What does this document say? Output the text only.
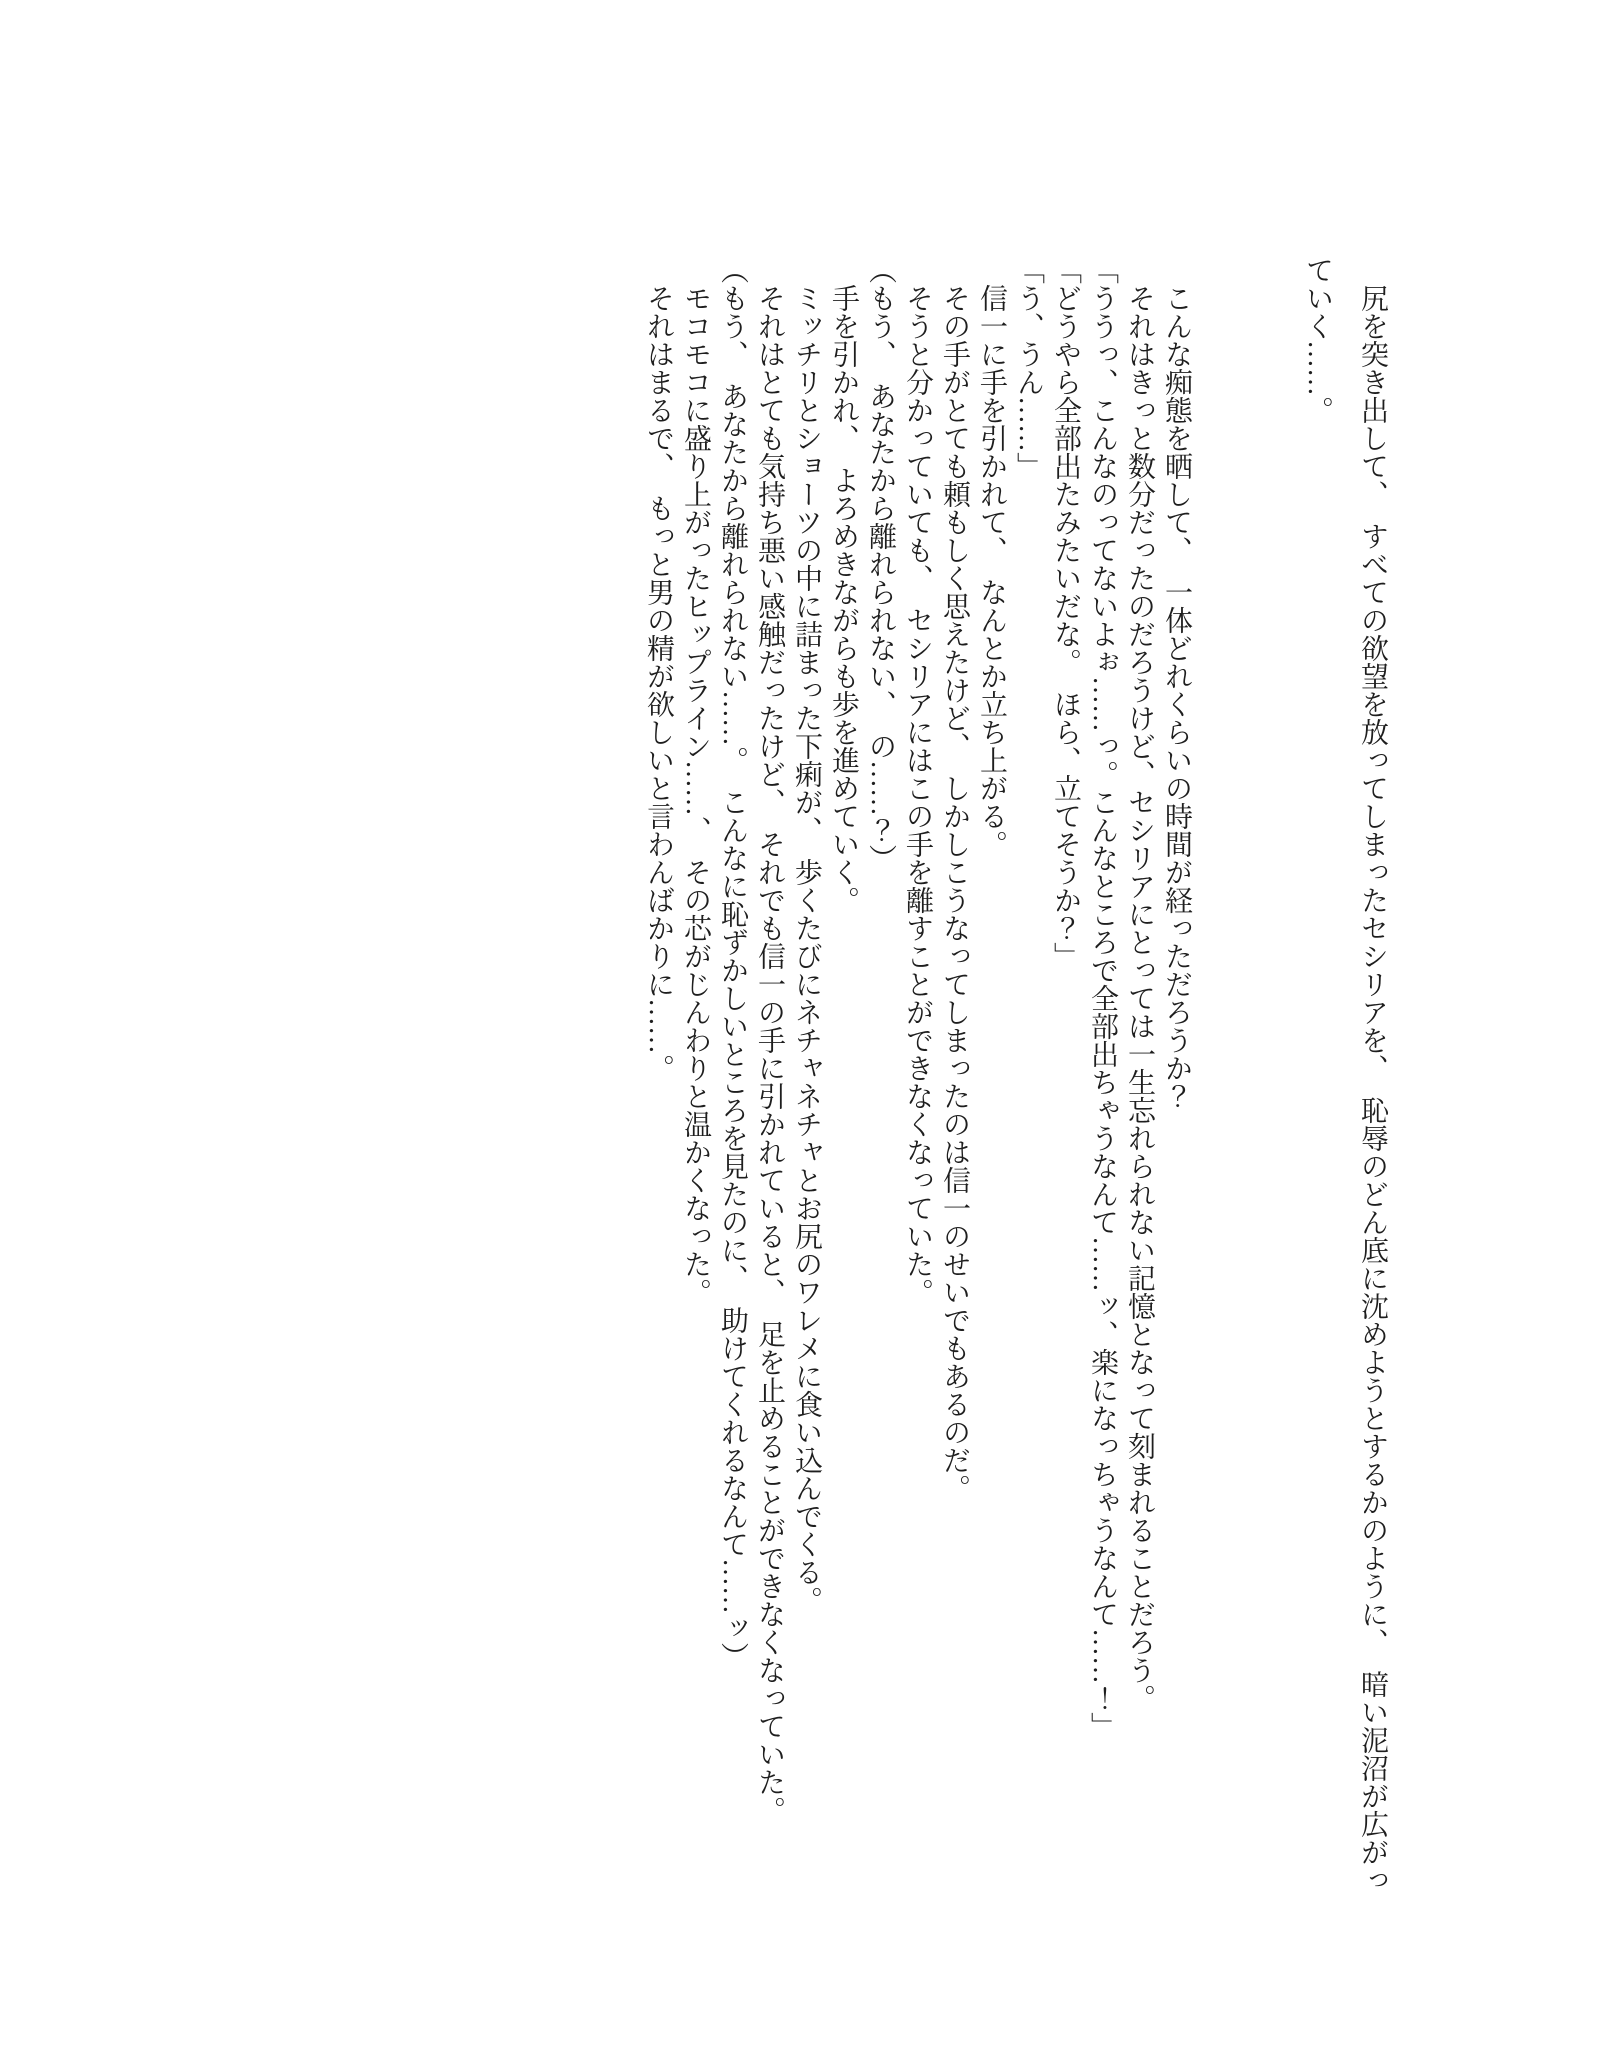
尻を突き出して、　すべての欲望を放ってしまったセシリアを、　恥辱のどん底に沈めようとするかのように、　暗い泥沼が広がっていく……。

こんな痴態を晒して、　一体どれくらいの時間が経っただろうか？

それはきっと数分だったのだろうけど、セシリアにとっては一生忘れられない記憶となって刻まれることだろう。

「ううっ、こんなのってないよぉ……っ。こんなところで全部出ちゃうなんて……ッ、楽になっちゃうなんて……！」

「どうやら全部出たみたいだな。　ほら、立てそうか？」

「う、うん……」

信一に手を引かれて、　なんとか立ち上がる。

その手がとても頼もしく思えたけど、　しかしこうなってしまったのは信一のせいでもあるのだ。

そうと分かっていても、　セシリアにはこの手を離すことができなくなっていた。

（もう、　あなたから離れられない、　の……？）

手を引かれ、　よろめきながらも歩を進めていく。

ミッチリとショーツの中に詰まった下痢が、　歩くたびにネチャネチャとお尻のワレメに食い込んでくる。

それはとても気持ち悪い感触だったけど、　それでも信一の手に引かれていると、　足を止めることができなくなっていた。

（もう、　あなたから離れられない……。　こんなに恥ずかしいところを見たのに、　助けてくれるなんて……ッ）

モコモコに盛り上がったヒップライン……、　その芯がじんわりと温かくなった。

それはまるで、　もっと男の精が欲しいと言わんばかりに……。
